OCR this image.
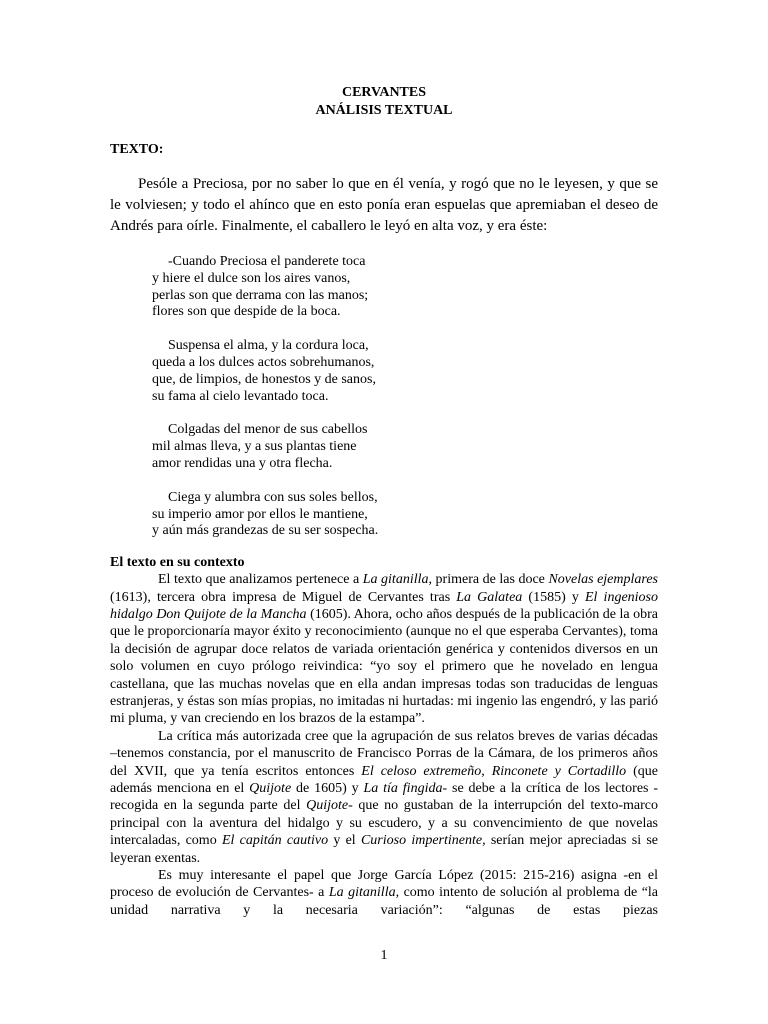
CERVANTES
ANÁLISIS TEXTUAL
TEXTO:

Pesóle a Preciosa, por no saber lo que en él venía, y rogó que no le leyesen, y que se le volviesen; y todo el ahínco que en esto ponía eran espuelas que apremiaban el deseo de Andrés para oírle. Finalmente, el caballero le leyó en alta voz, y era éste:

-Cuando Preciosa el panderete toca
y hiere el dulce son los aires vanos,
perlas son que derrama con las manos;
flores son que despide de la boca.
Suspensa el alma, y la cordura loca,
queda a los dulces actos sobrehumanos,
que, de limpios, de honestos y de sanos,
su fama al cielo levantado toca.
Colgadas del menor de sus cabellos
mil almas lleva, y a sus plantas tiene
amor rendidas una y otra flecha.
Ciega y alumbra con sus soles bellos,
su imperio amor por ellos le mantiene,
y aún más grandezas de su ser sospecha.
El texto en su contexto

El texto que analizamos pertenece a La gitanilla, primera de las doce Novelas ejemplares (1613), tercera obra impresa de Miguel de Cervantes tras La Galatea (1585) y El ingenioso hidalgo Don Quijote de la Mancha (1605). Ahora, ocho años después de la publicación de la obra que le proporcionaría mayor éxito y reconocimiento (aunque no el que esperaba Cervantes), toma la decisión de agrupar doce relatos de variada orientación genérica y contenidos diversos en un solo volumen en cuyo prólogo reivindica: “yo soy el primero que he novelado en lengua castellana, que las muchas novelas que en ella andan impresas todas son traducidas de lenguas estranjeras, y éstas son mías propias, no imitadas ni hurtadas: mi ingenio las engendró, y las parió mi pluma, y van creciendo en los brazos de la estampa”.

La crítica más autorizada cree que la agrupación de sus relatos breves de varias décadas –tenemos constancia, por el manuscrito de Francisco Porras de la Cámara, de los primeros años del XVII, que ya tenía escritos entonces El celoso extremeño, Rinconete y Cortadillo (que además menciona en el Quijote de 1605) y La tía fingida- se debe a la crítica de los lectores -recogida en la segunda parte del Quijote- que no gustaban de la interrupción del texto-marco principal con la aventura del hidalgo y su escudero, y a su convencimiento de que novelas intercaladas, como El capitán cautivo y el Curioso impertinente, serían mejor apreciadas si se leyeran exentas.

Es muy interesante el papel que Jorge García López (2015: 215-216) asigna -en el proceso de evolución de Cervantes- a La gitanilla, como intento de solución al problema de “la unidad narrativa y la necesaria variación”: “algunas de estas piezas

1
